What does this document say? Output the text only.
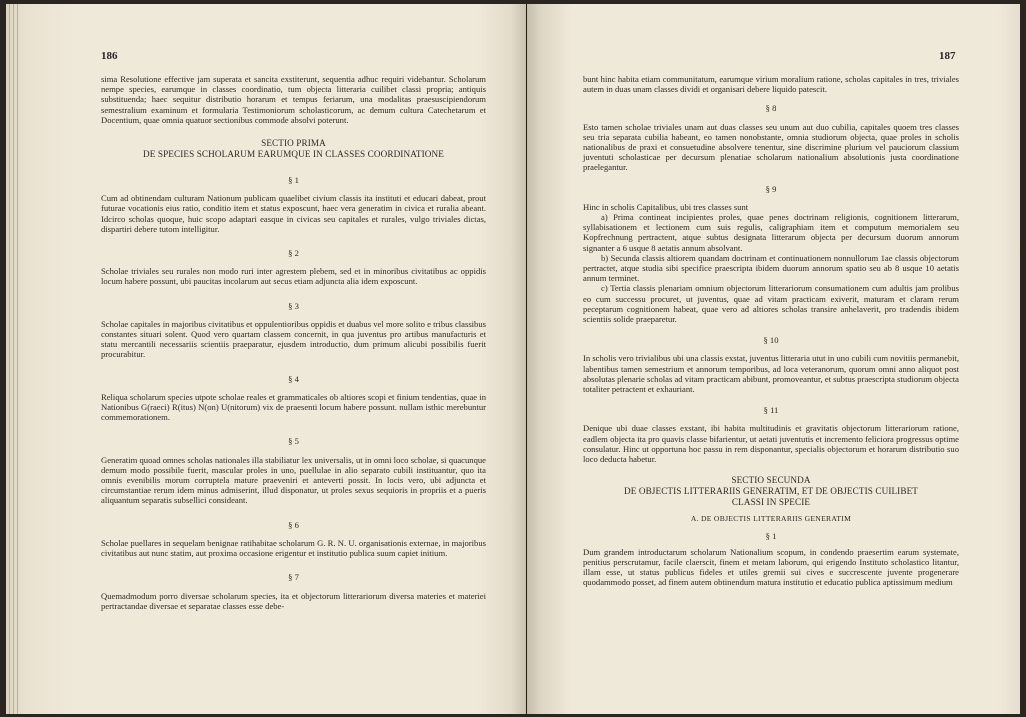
186

sima Resolutione effective jam superata et sancita exstiterunt, sequentia adhuc requiri videbantur. Scholarum nempe species, earumque in classes coordinatio, tum objecta litteraria cuilibet classi propria; antiquis substituenda; haec sequitur distributio horarum et tempus feriarum, una modalitas praesuscipiendorum semestralium examinum et formularia Testimoniorum scholasticorum, ac demum cultura Catechetarum et Docentium, quae omnia quatuor sectionibus commode absolvi poterunt.

SECTIO PRIMA

DE SPECIES SCHOLARUM EARUMQUE IN CLASSES COORDINATIONE

§ 1

Cum ad obtinendam culturam Nationum publicam quaelibet civium classis ita instituti et educari dabeat, prout futurae vocationis eius ratio, conditio item et status exposcunt, haec vera generatim in civica et ruralia abeant. Idcirco scholas quoque, huic scopo adaptari easque in civicas seu capitales et rurales, vulgo triviales dictas, dispartiri debere tutom intelligitur.

§ 2

Scholae triviales seu rurales non modo ruri inter agrestem plebem, sed et in minoribus civitatibus ac oppidis locum habere possunt, ubi paucitas incolarum aut secus etiam adjuncta alia idem exposcunt.

§ 3

Scholae capitales in majoribus civitatibus et oppulentioribus oppidis et duabus vel more solito e tribus classibus constantes situari solent. Quod vero quartam classem concernit, in qua juventus pro artibus manufacturis et statu mercantili necessariis scientiis praeparatur, ejusdem introductio, dum primum alicubi possibilis fuerit procurabitur.

§ 4

Reliqua scholarum species utpote scholae reales et grammaticales ob altiores scopi et finium tendentias, quae in Nationibus G(raeci) R(itus) N(on) U(nitorum) vix de praesenti locum habere possunt. nullam isthic merebuntur commemorationem.

§ 5

Generatim quoad omnes scholas nationales illa stabiliatur lex universalis, ut in omni loco scholae, si quacunque demum modo possibile fuerit, mascular proles in uno, puellulae in alio separato cubili instituantur, quo ita omnis evenibilis morum corruptela mature praeveniri et anteverti possit. In locis vero, ubi adjuncta et circumstantiae rerum idem minus admiserint, illud disponatur, ut proles sexus sequioris in propriis et a pueris aliquantum separatis subsellici consideant.

§ 6

Scholae puellares in sequelam benignae ratihabitae scholarum G. R. N. U. organisationis externae, in majoribus civitatibus aut nunc statim, aut proxima occasione erigentur et institutio publica suum capiet initium.

§ 7

Quemadmodum porro diversae scholarum species, ita et objectorum litterariorum diversa materies et materiei pertractandae diversae et separatae classes esse debe-

187

bunt hinc habita etiam communitatum, earumque virium moralium ratione, scholas capitales in tres, triviales autem in duas unam classes dividi et organisari debere liquido patescit.

§ 8

Esto tamen scholae triviales unam aut duas classes seu unum aut duo cubilia, capitales quoem tres classes seu tria separata cubilia habeant, eo tamen nonobstante, omnia studiorum objecta, quae proles in scholis nationalibus de praxi et consuetudine absolvere tenentur, sine discrimine plurium vel pauciorum classium juventuti scholasticae per decursum plenatiae scholarum nationalium absolutionis justa coordinatione praelegantur.

§ 9

Hinc in scholis Capitalibus, ubi tres classes sunt

a) Prima contineat incipientes proles, quae penes doctrinam religionis, cognitionem litterarum, syllabisationem et lectionem cum suis regulis, caligraphiam item et computum memorialem seu Kopfrechnung pertractent, atque subtus designata litterarum objecta per decursum duorum annorum signanter a 6 usque 8 aetatis annum absolvant.

b) Secunda classis altiorem quandam doctrinam et continuationem nonnullorum 1ae classis objectorum pertractet, atque studia sibi specifice praescripta ibidem duorum annorum spatio seu ab 8 usque 10 aetatis annum terminet.

c) Tertia classis plenariam omnium objectorum litterariorum consumationem cum adultis jam prolibus eo cum successu procuret, ut juventus, quae ad vitam practicam exiverit, maturam et claram rerum peceptarum cognitionem habeat, quae vero ad altiores scholas transire anhelaverit, pro tradendis ibidem scientiis solide praeparetur.

§ 10

In scholis vero trivialibus ubi una classis exstat, juventus litteraria utut in uno cubili cum novitiis permanebit, labentibus tamen semestrium et annorum temporibus, ad loca veteranorum, quorum omni anno aliquot post absolutas plenarie scholas ad vitam practicam abibunt, promoveantur, et subtus praescripta studiorum objecta totaliter petractent et exhauriant.

§ 11

Denique ubi duae classes exstant, ibi habita multitudinis et gravitatis objectorum litterariorum ratione, eadlem objecta ita pro quavis classe bifarientur, ut aetati juventutis et incremento feliciora progressus optime consulatur. Hinc ut opportuna hoc passu in rem disponantur, specialis objectorum et horarum distributio suo loco deducta habetur.

SECTIO SECUNDA

DE OBJECTIS LITTERARIIS GENERATIM, ET DE OBJECTIS CUILIBET

CLASSI IN SPECIE

A. DE OBJECTIS LITTERARIIS GENERATIM

§ 1

Dum grandem introductarum scholarum Nationalium scopum, in condendo praesertim earum systemate, penitius perscrutamur, facile claerscit, finem et metam laborum, qui erigendo Instituto scholastico litantur, illam esse, ut status publicus fideles et utiles gremii sui cives e succrescente juvente progenerare quodammodo posset, ad finem autem obtinendum matura institutio et educatio publica aptissimum medium
